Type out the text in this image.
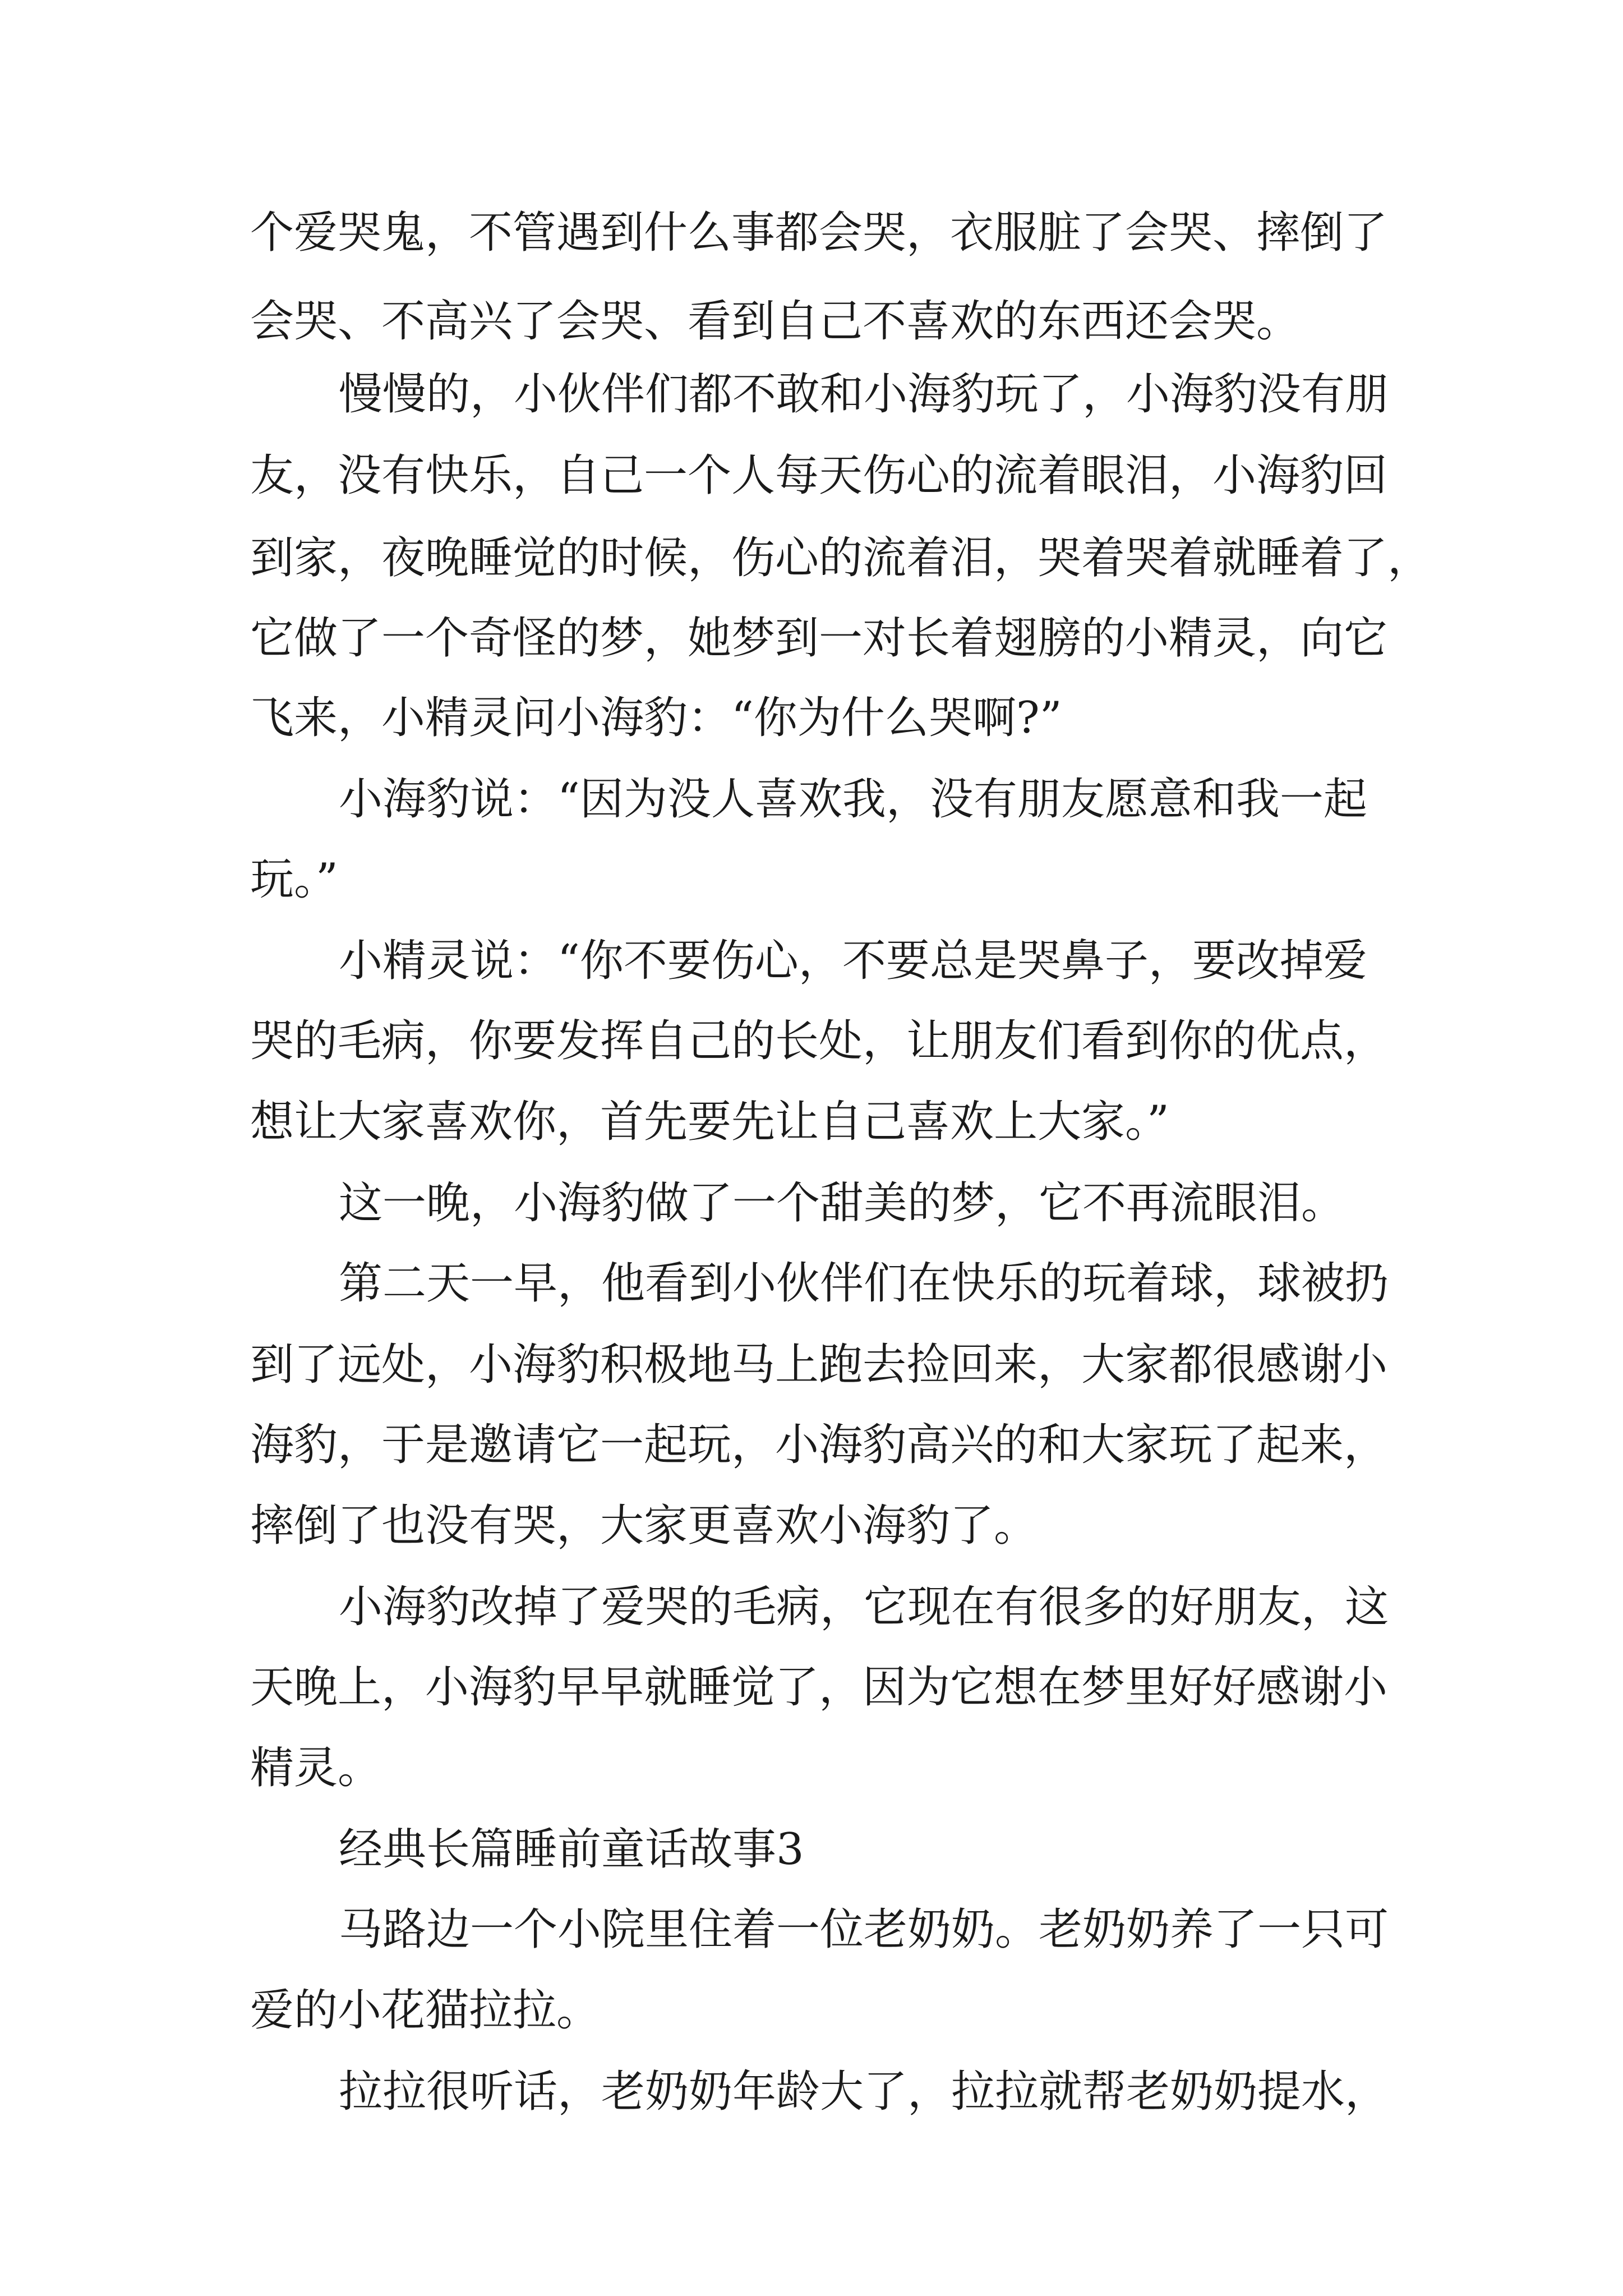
个爱哭鬼，不管遇到什么事都会哭，衣服脏了会哭、摔倒了

会哭、不高兴了会哭、看到自己不喜欢的东西还会哭。

慢慢的，小伙伴们都不敢和小海豹玩了，小海豹没有朋

友，没有快乐，自己一个人每天伤心的流着眼泪，小海豹回

到家，夜晚睡觉的时候，伤心的流着泪，哭着哭着就睡着了，

它做了一个奇怪的梦，她梦到一对长着翅膀的小精灵，向它

飞来，小精灵问小海豹：“你为什么哭啊?”

小海豹说：“因为没人喜欢我，没有朋友愿意和我一起

玩。”

小精灵说：“你不要伤心，不要总是哭鼻子，要改掉爱

哭的毛病，你要发挥自己的长处，让朋友们看到你的优点，

想让大家喜欢你，首先要先让自己喜欢上大家。”

这一晚，小海豹做了一个甜美的梦，它不再流眼泪。

第二天一早，他看到小伙伴们在快乐的玩着球，球被扔

到了远处，小海豹积极地马上跑去捡回来，大家都很感谢小

海豹，于是邀请它一起玩，小海豹高兴的和大家玩了起来，

摔倒了也没有哭，大家更喜欢小海豹了。

小海豹改掉了爱哭的毛病，它现在有很多的好朋友，这

天晚上，小海豹早早就睡觉了，因为它想在梦里好好感谢小

精灵。

经典长篇睡前童话故事3

马路边一个小院里住着一位老奶奶。老奶奶养了一只可

爱的小花猫拉拉。

拉拉很听话，老奶奶年龄大了，拉拉就帮老奶奶提水，
